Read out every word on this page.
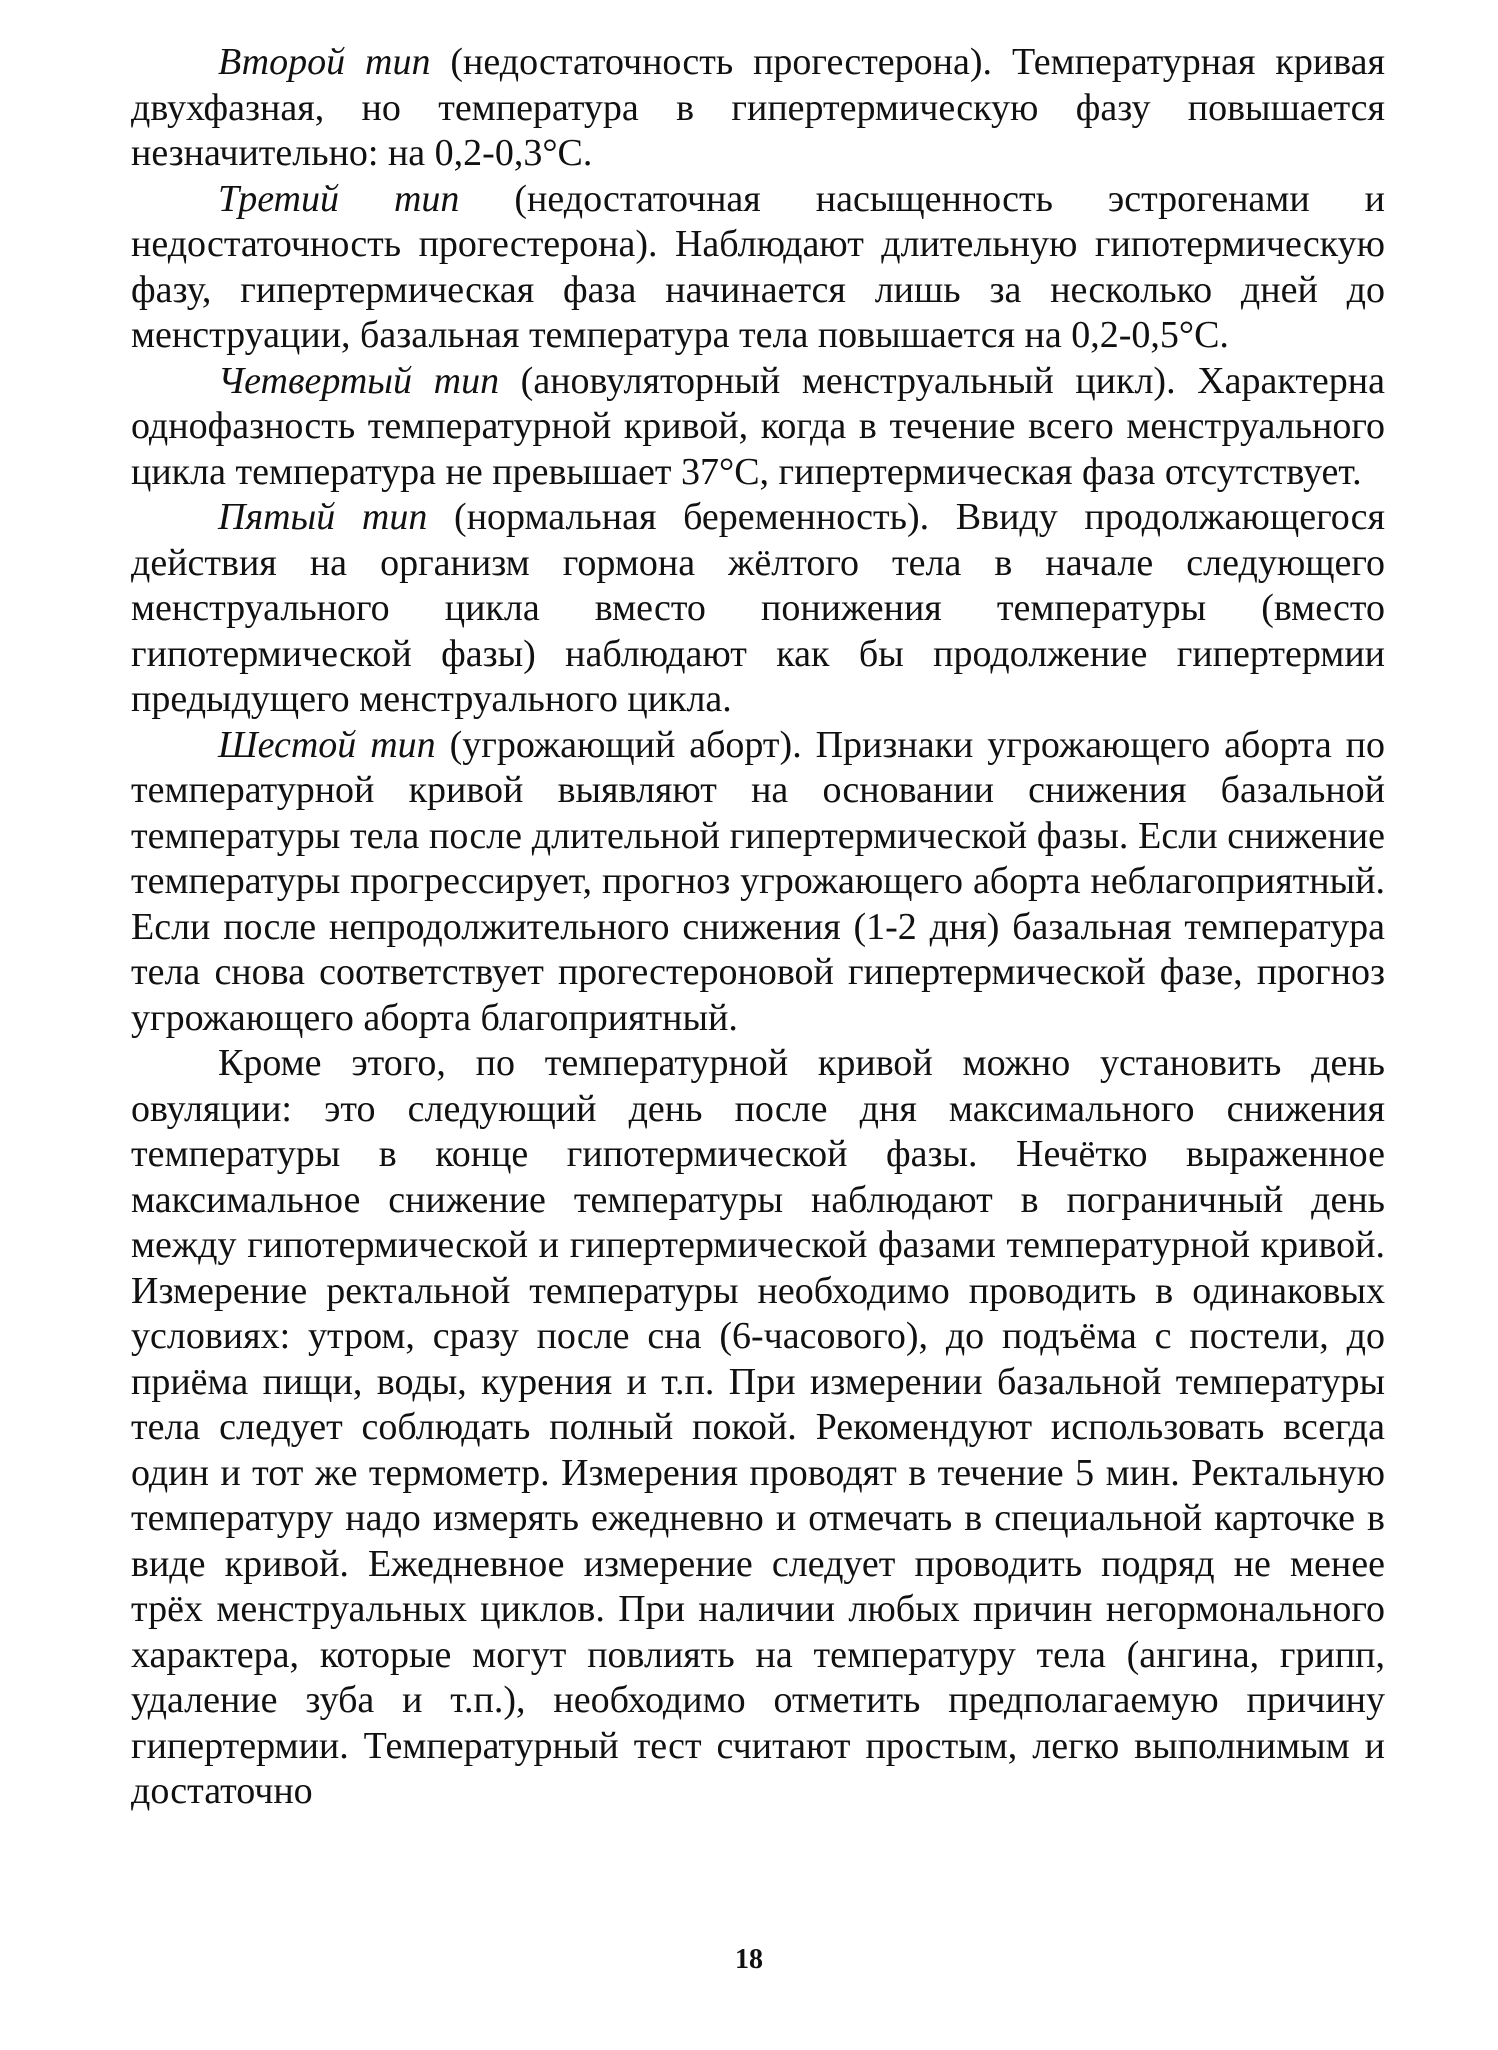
Второй тип (недостаточность прогестерона). Температурная кривая двухфазная, но температура в гипертермическую фазу повышается незначительно: на 0,2-0,3°С.

Третий тип (недостаточная насыщенность эстрогенами и недостаточность прогестерона). Наблюдают длительную гипотермическую фазу, гипертермическая фаза начинается лишь за несколько дней до менструации, базальная температура тела повышается на 0,2-0,5°С.

Четвертый тип (ановуляторный менструальный цикл). Характерна однофазность температурной кривой, когда в течение всего менструального цикла температура не превышает 37°С, гипертермическая фаза отсутствует.

Пятый тип (нормальная беременность). Ввиду продолжающегося действия на организм гормона жёлтого тела в начале следующего менструального цикла вместо понижения температуры (вместо гипотермической фазы) наблюдают как бы продолжение гипертермии предыдущего менструального цикла.

Шестой тип (угрожающий аборт). Признаки угрожающего аборта по температурной кривой выявляют на основании снижения базальной температуры тела после длительной гипертермической фазы. Если снижение температуры прогрессирует, прогноз угрожающего аборта неблагоприятный. Если после непродолжительного снижения (1-2 дня) базальная температура тела снова соответствует прогестероновой гипертермической фазе, прогноз угрожающего аборта благоприятный.

Кроме этого, по температурной кривой можно установить день овуляции: это следующий день после дня максимального снижения температуры в конце гипотермической фазы. Нечётко выраженное максимальное снижение температуры наблюдают в пограничный день между гипотермической и гипертермической фазами температурной кривой. Измерение ректальной температуры необходимо проводить в одинаковых условиях: утром, сразу после сна (6-часового), до подъёма с постели, до приёма пищи, воды, курения и т.п. При измерении базальной температуры тела следует соблюдать полный покой. Рекомендуют использовать всегда один и тот же термометр. Измерения проводят в течение 5 мин. Ректальную температуру надо измерять ежедневно и отмечать в специальной карточке в виде кривой. Ежедневное измерение следует проводить подряд не менее трёх менструальных циклов. При наличии любых причин негормонального характера, которые могут повлиять на температуру тела (ангина, грипп, удаление зуба и т.п.), необходимо отметить предполагаемую причину гипертермии. Температурный тест считают простым, легко выполнимым и достаточно

18
